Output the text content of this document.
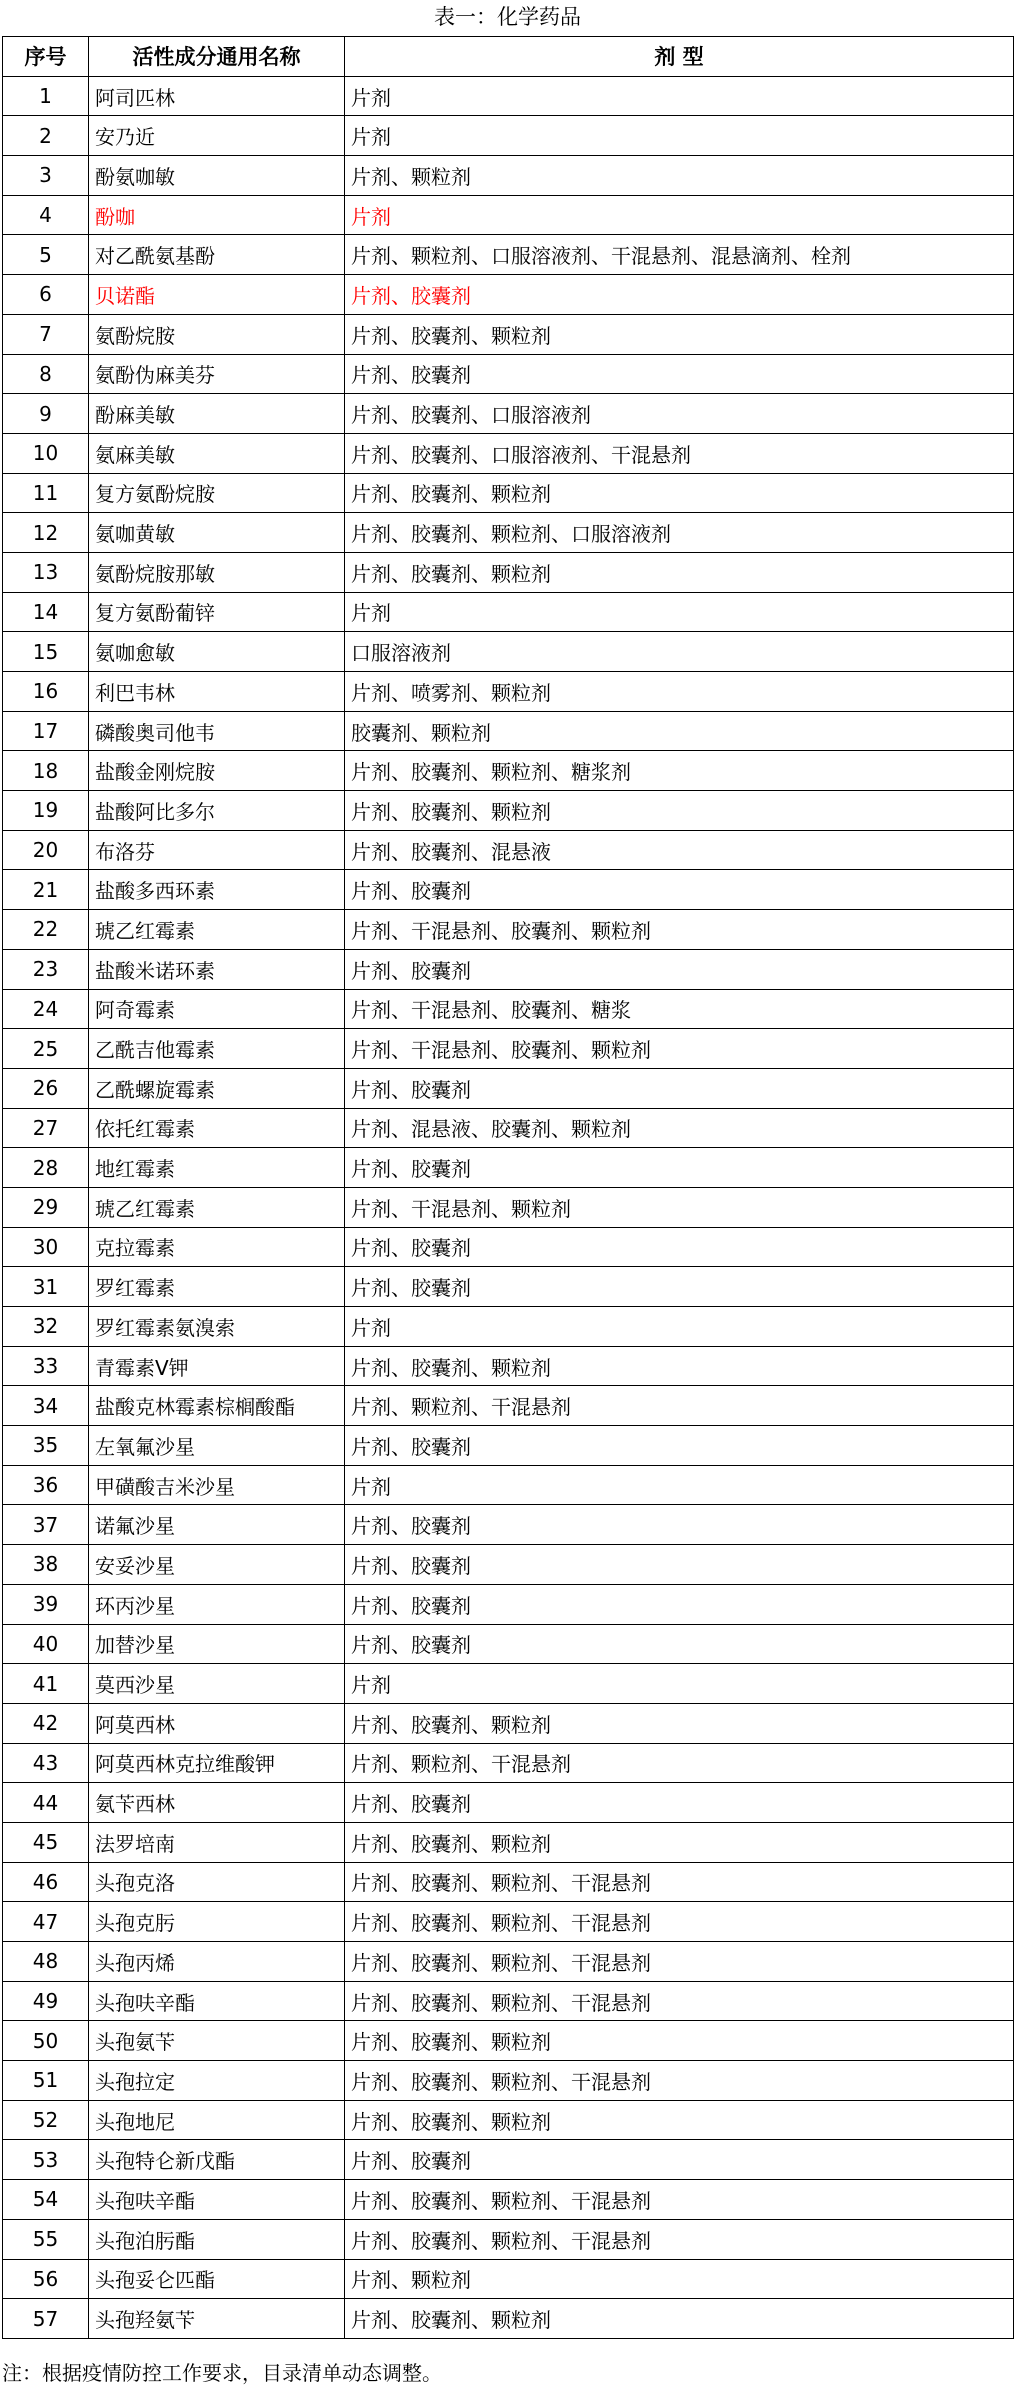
表一：化学药品
序号	活性成分通用名称	剂 型
1	阿司匹林	片剂
2	安乃近	片剂
3	酚氨咖敏	片剂、颗粒剂
4	酚咖	片剂
5	对乙酰氨基酚	片剂、颗粒剂、口服溶液剂、干混悬剂、混悬滴剂、栓剂
6	贝诺酯	片剂、胶囊剂
7	氨酚烷胺	片剂、胶囊剂、颗粒剂
8	氨酚伪麻美芬	片剂、胶囊剂
9	酚麻美敏	片剂、胶囊剂、口服溶液剂
10	氨麻美敏	片剂、胶囊剂、口服溶液剂、干混悬剂
11	复方氨酚烷胺	片剂、胶囊剂、颗粒剂
12	氨咖黄敏	片剂、胶囊剂、颗粒剂、口服溶液剂
13	氨酚烷胺那敏	片剂、胶囊剂、颗粒剂
14	复方氨酚葡锌	片剂
15	氨咖愈敏	口服溶液剂
16	利巴韦林	片剂、喷雾剂、颗粒剂
17	磷酸奥司他韦	胶囊剂、颗粒剂
18	盐酸金刚烷胺	片剂、胶囊剂、颗粒剂、糖浆剂
19	盐酸阿比多尔	片剂、胶囊剂、颗粒剂
20	布洛芬	片剂、胶囊剂、混悬液
21	盐酸多西环素	片剂、胶囊剂
22	琥乙红霉素	片剂、干混悬剂、胶囊剂、颗粒剂
23	盐酸米诺环素	片剂、胶囊剂
24	阿奇霉素	片剂、干混悬剂、胶囊剂、糖浆
25	乙酰吉他霉素	片剂、干混悬剂、胶囊剂、颗粒剂
26	乙酰螺旋霉素	片剂、胶囊剂
27	依托红霉素	片剂、混悬液、胶囊剂、颗粒剂
28	地红霉素	片剂、胶囊剂
29	琥乙红霉素	片剂、干混悬剂、颗粒剂
30	克拉霉素	片剂、胶囊剂
31	罗红霉素	片剂、胶囊剂
32	罗红霉素氨溴索	片剂
33	青霉素V钾	片剂、胶囊剂、颗粒剂
34	盐酸克林霉素棕榈酸酯	片剂、颗粒剂、干混悬剂
35	左氧氟沙星	片剂、胶囊剂
36	甲磺酸吉米沙星	片剂
37	诺氟沙星	片剂、胶囊剂
38	安妥沙星	片剂、胶囊剂
39	环丙沙星	片剂、胶囊剂
40	加替沙星	片剂、胶囊剂
41	莫西沙星	片剂
42	阿莫西林	片剂、胶囊剂、颗粒剂
43	阿莫西林克拉维酸钾	片剂、颗粒剂、干混悬剂
44	氨苄西林	片剂、胶囊剂
45	法罗培南	片剂、胶囊剂、颗粒剂
46	头孢克洛	片剂、胶囊剂、颗粒剂、干混悬剂
47	头孢克肟	片剂、胶囊剂、颗粒剂、干混悬剂
48	头孢丙烯	片剂、胶囊剂、颗粒剂、干混悬剂
49	头孢呋辛酯	片剂、胶囊剂、颗粒剂、干混悬剂
50	头孢氨苄	片剂、胶囊剂、颗粒剂
51	头孢拉定	片剂、胶囊剂、颗粒剂、干混悬剂
52	头孢地尼	片剂、胶囊剂、颗粒剂
53	头孢特仑新戊酯	片剂、胶囊剂
54	头孢呋辛酯	片剂、胶囊剂、颗粒剂、干混悬剂
55	头孢泊肟酯	片剂、胶囊剂、颗粒剂、干混悬剂
56	头孢妥仑匹酯	片剂、颗粒剂
57	头孢羟氨苄	片剂、胶囊剂、颗粒剂
注：根据疫情防控工作要求，目录清单动态调整。
